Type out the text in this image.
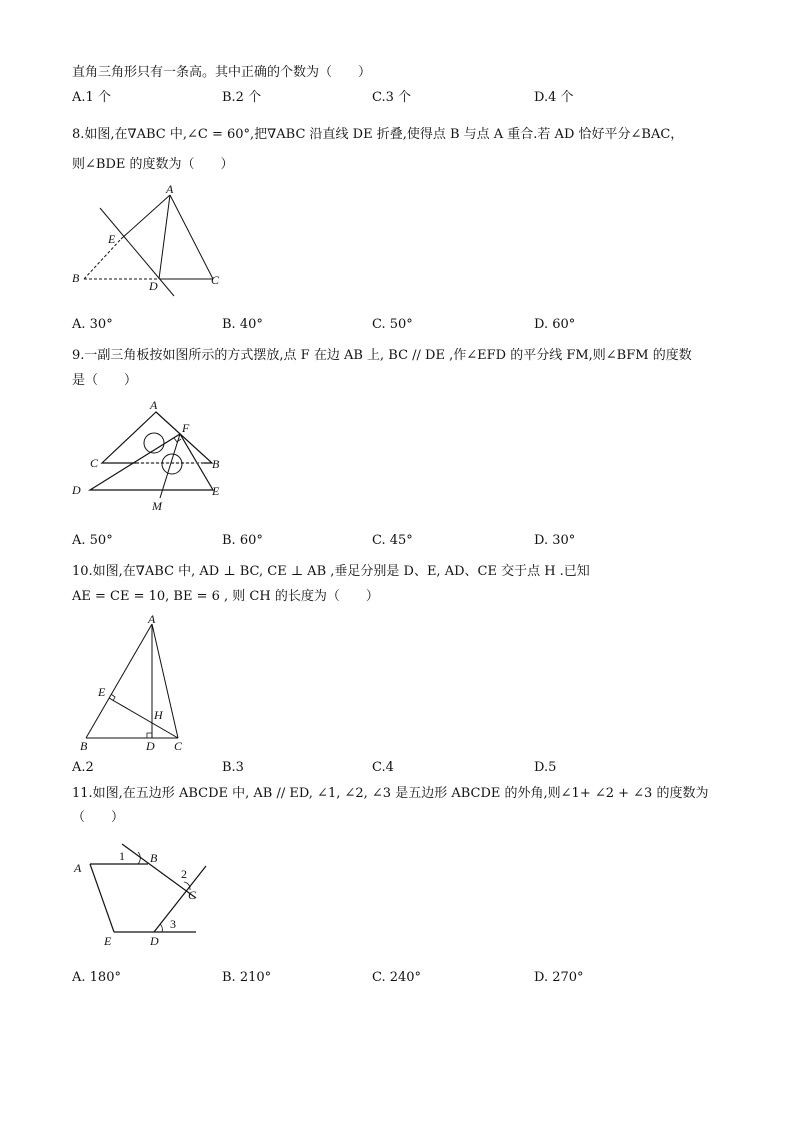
直角三角形只有一条高。其中正确的个数为（　　）
A.1 个	B.2 个	C.3 个	D.4 个
8.如图,在∇ABC 中,∠C = 60°,把∇ABC 沿直线 DE 折叠,使得点 B 与点 A 重合.若 AD 恰好平分∠BAC，
则∠BDE 的度数为（　　）
A
E
B
D	C
A. 30°	B. 40°	C. 50°	D. 60°
9.一副三角板按如图所示的方式摆放,点 F 在边 AB 上, BC // DE ,作∠EFD 的平分线 FM,则∠BFM 的度数
是（　　）
A
F
C	B
D	E
M
A. 50°	B. 60°	C. 45°	D. 30°
10.如图,在∇ABC 中, AD ⊥ BC, CE ⊥ AB ,垂足分别是 D、E, AD、CE 交于点 H .已知
AE = CE = 10, BE = 6 , 则 CH 的长度为（　　）
A
E
H
B	D C
A.2	B.3	C.4	D.5
11.如图,在五边形 ABCDE 中, AB // ED, ∠1, ∠2, ∠3 是五边形 ABCDE 的外角,则∠1+ ∠2 + ∠3 的度数为
（　　）
A
1 B
2
C
3
D
E
A. 180°	B. 210°	C. 240°	D. 270°
